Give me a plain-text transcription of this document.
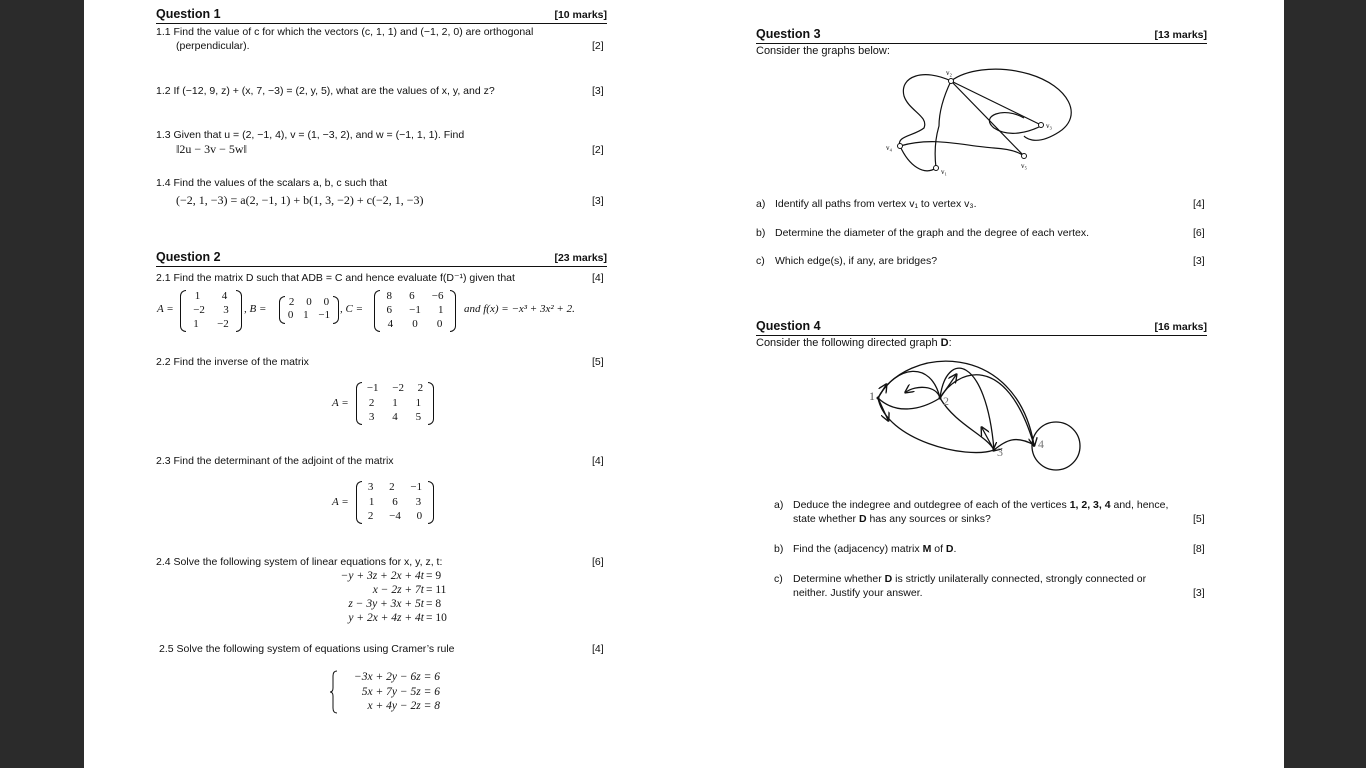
Question 1	[10 marks]
1.1 Find the value of c for which the vectors (c, 1, 1) and (−1, 2, 0) are orthogonal
(perpendicular).	[2]
1.2 If (−12, 9, z) + (x, 7, −3) = (2, y, 5), what are the values of x, y, and z?	[3]
1.3 Given that u = (2, −1, 4), v = (1, −3, 2), and w = (−1, 1, 1). Find
‖2u − 3v − 5w‖	[2]
1.4 Find the values of the scalars a, b, c such that
(−2, 1, −3) = a(2, −1, 1) + b(1, 3, −2) + c(−2, 1, −3)	[3]
Question 2	[23 marks]
2.1 Find the matrix D such that ADB = C and hence evaluate f(D⁻¹) given that	[4]
A =
1 4
−2 3
1 −2
, B =
2 0 0
0 1 −1 , C =
8 6 −6
6 −1 1
4 0 0
and f(x) = −x³ + 3x² + 2.
2.2 Find the inverse of the matrix	[5]
A =
−1 −2 2
2 1 1
3 4 5
2.3 Find the determinant of the adjoint of the matrix	[4]
A =
3 2 −1
1 6 3
2 −4 0
2.4 Solve the following system of linear equations for x, y, z, t:	[6]
−y + 3z + 2x + 4t = 9
x − 2z + 7t = 11
z − 3y + 3x + 5t = 8
y + 2x + 4z + 4t = 10
2.5 Solve the following system of equations using Cramer’s rule	[4]
−3x + 2y − 6z = 6
5x + 7y − 5z = 6
x + 4y − 2z = 8
Question 3	[13 marks]
Consider the graphs below:
v₂
v₃
v₄
v₁
v₅
a) Identify all paths from vertex v₁ to vertex v₃.	[4]
b) Determine the diameter of the graph and the degree of each vertex.	[6]
c) Which edge(s), if any, are bridges?	[3]
Question 4	[16 marks]
Consider the following directed graph D:
1	2
3
4
a) Deduce the indegree and outdegree of each of the vertices 1, 2, 3, 4 and, hence,
state whether D has any sources or sinks?	[5]
b) Find the (adjacency) matrix M of D.	[8]
c) Determine whether D is strictly unilaterally connected, strongly connected or
neither. Justify your answer.	[3]
